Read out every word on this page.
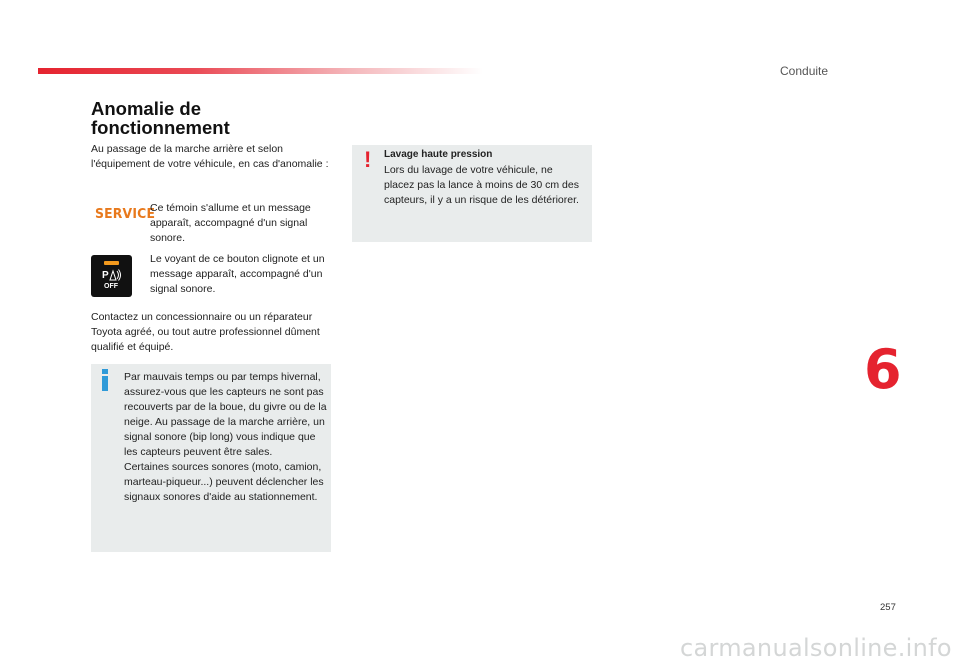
Conduite
Anomalie de
fonctionnement
Au passage de la marche arrière et selon l'équipement de votre véhicule, en cas d'anomalie :
SERVICE
Ce témoin s'allume et un message apparaît, accompagné d'un signal sonore.
P
OFF
Le voyant de ce bouton clignote et un message apparaît, accompagné d'un signal sonore.
Contactez un concessionnaire ou un réparateur Toyota agréé, ou tout autre professionnel dûment qualifié et équipé.
Par mauvais temps ou par temps hivernal, assurez-vous que les capteurs ne sont pas recouverts par de la boue, du givre ou de la neige. Au passage de la marche arrière, un signal sonore (bip long) vous indique que les capteurs peuvent être sales.
Certaines sources sonores (moto, camion, marteau-piqueur...) peuvent déclencher les signaux sonores d'aide au stationnement.
! Lavage haute pression
Lors du lavage de votre véhicule, ne placez pas la lance à moins de 30 cm des capteurs, il y a un risque de les détériorer.
6
257
carmanualsonline.info
